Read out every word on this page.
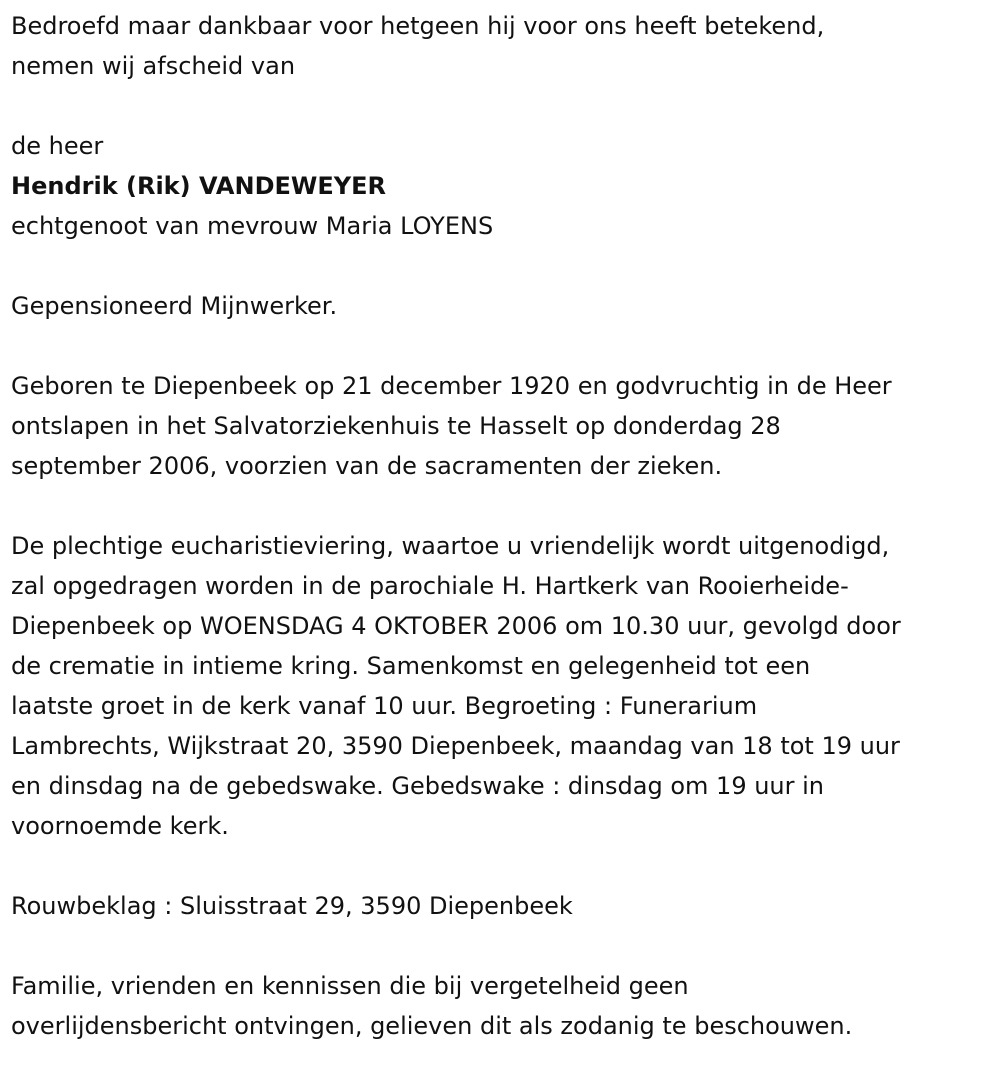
Bedroefd maar dankbaar voor hetgeen hij voor ons heeft betekend,
nemen wij afscheid van
de heer
Hendrik (Rik) VANDEWEYER
echtgenoot van mevrouw Maria LOYENS
Gepensioneerd Mijnwerker.
Geboren te Diepenbeek op 21 december 1920 en godvruchtig in de Heer
ontslapen in het Salvatorziekenhuis te Hasselt op donderdag 28
september 2006, voorzien van de sacramenten der zieken.
De plechtige eucharistieviering, waartoe u vriendelijk wordt uitgenodigd,
zal opgedragen worden in de parochiale H. Hartkerk van Rooierheide-
Diepenbeek op WOENSDAG 4 OKTOBER 2006 om 10.30 uur, gevolgd door
de crematie in intieme kring. Samenkomst en gelegenheid tot een
laatste groet in de kerk vanaf 10 uur. Begroeting : Funerarium
Lambrechts, Wijkstraat 20, 3590 Diepenbeek, maandag van 18 tot 19 uur
en dinsdag na de gebedswake. Gebedswake : dinsdag om 19 uur in
voornoemde kerk.
Rouwbeklag : Sluisstraat 29, 3590 Diepenbeek
Familie, vrienden en kennissen die bij vergetelheid geen
overlijdensbericht ontvingen, gelieven dit als zodanig te beschouwen.
